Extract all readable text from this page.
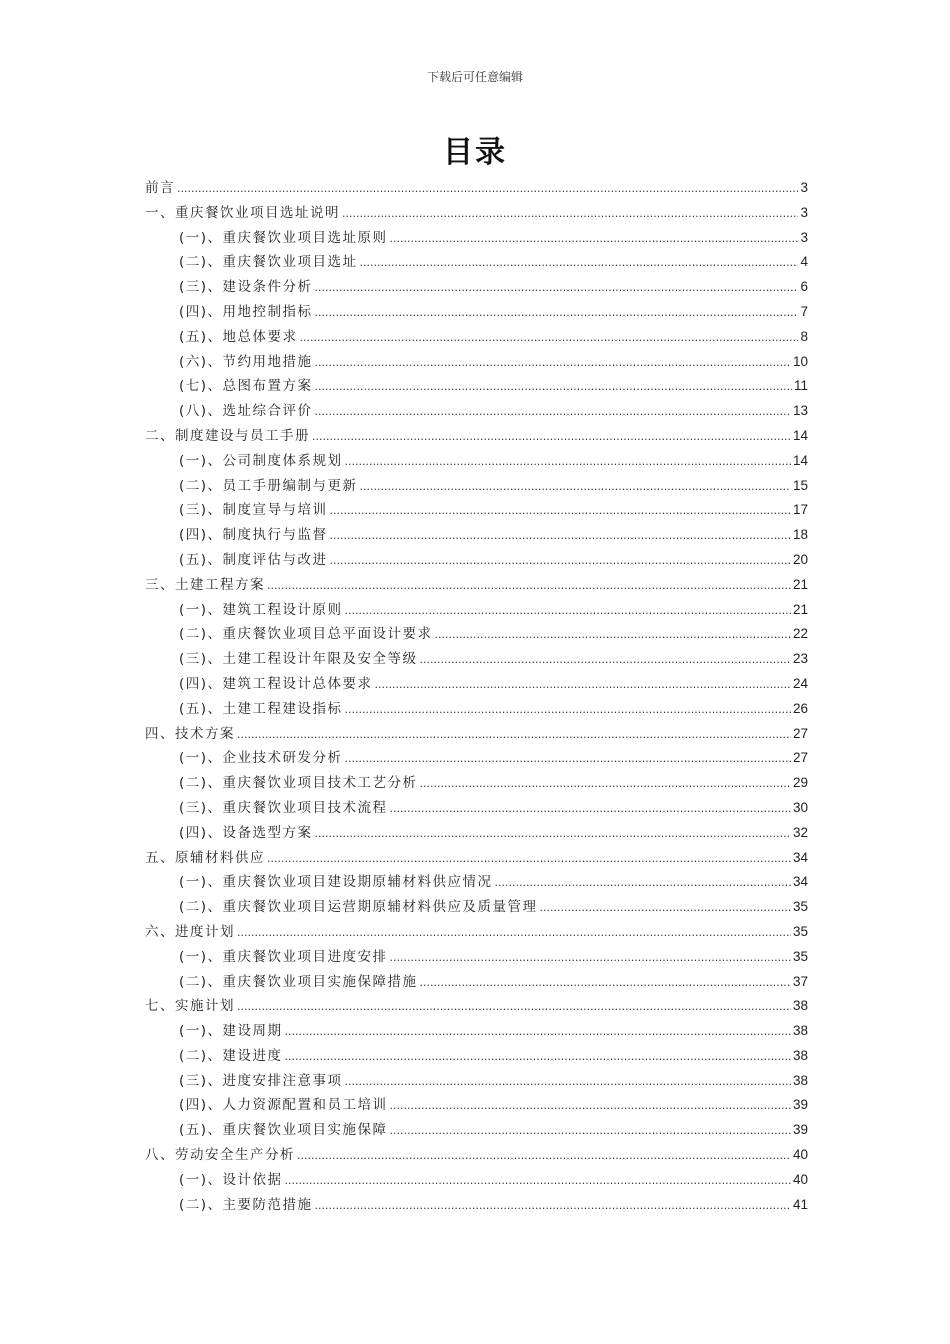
下载后可任意编辑
目录
前言 .....	3
一、重庆餐饮业项目选址说明 .....	3
(一)、重庆餐饮业项目选址原则 .....	3
(二)、重庆餐饮业项目选址 .....	4
(三)、建设条件分析 .....	6
(四)、用地控制指标 .....	7
(五)、地总体要求 .....	8
(六)、节约用地措施 .....	10
(七)、总图布置方案 .....	11
(八)、选址综合评价 .....	13
二、制度建设与员工手册 .....	14
(一)、公司制度体系规划 .....	14
(二)、员工手册编制与更新 .....	15
(三)、制度宣导与培训 .....	17
(四)、制度执行与监督 .....	18
(五)、制度评估与改进 .....	20
三、土建工程方案 .....	21
(一)、建筑工程设计原则 .....	21
(二)、重庆餐饮业项目总平面设计要求 .....	22
(三)、土建工程设计年限及安全等级 .....	23
(四)、建筑工程设计总体要求 .....	24
(五)、土建工程建设指标 .....	26
四、技术方案 .....	27
(一)、企业技术研发分析 .....	27
(二)、重庆餐饮业项目技术工艺分析 .....	29
(三)、重庆餐饮业项目技术流程 .....	30
(四)、设备选型方案 .....	32
五、原辅材料供应 .....	34
(一)、重庆餐饮业项目建设期原辅材料供应情况 .....	34
(二)、重庆餐饮业项目运营期原辅材料供应及质量管理 .....	35
六、进度计划 .....	35
(一)、重庆餐饮业项目进度安排 .....	35
(二)、重庆餐饮业项目实施保障措施 .....	37
七、实施计划 .....	38
(一)、建设周期 .....	38
(二)、建设进度 .....	38
(三)、进度安排注意事项 .....	38
(四)、人力资源配置和员工培训 .....	39
(五)、重庆餐饮业项目实施保障 .....	39
八、劳动安全生产分析 .....	40
(一)、设计依据 .....	40
(二)、主要防范措施 .....	41
